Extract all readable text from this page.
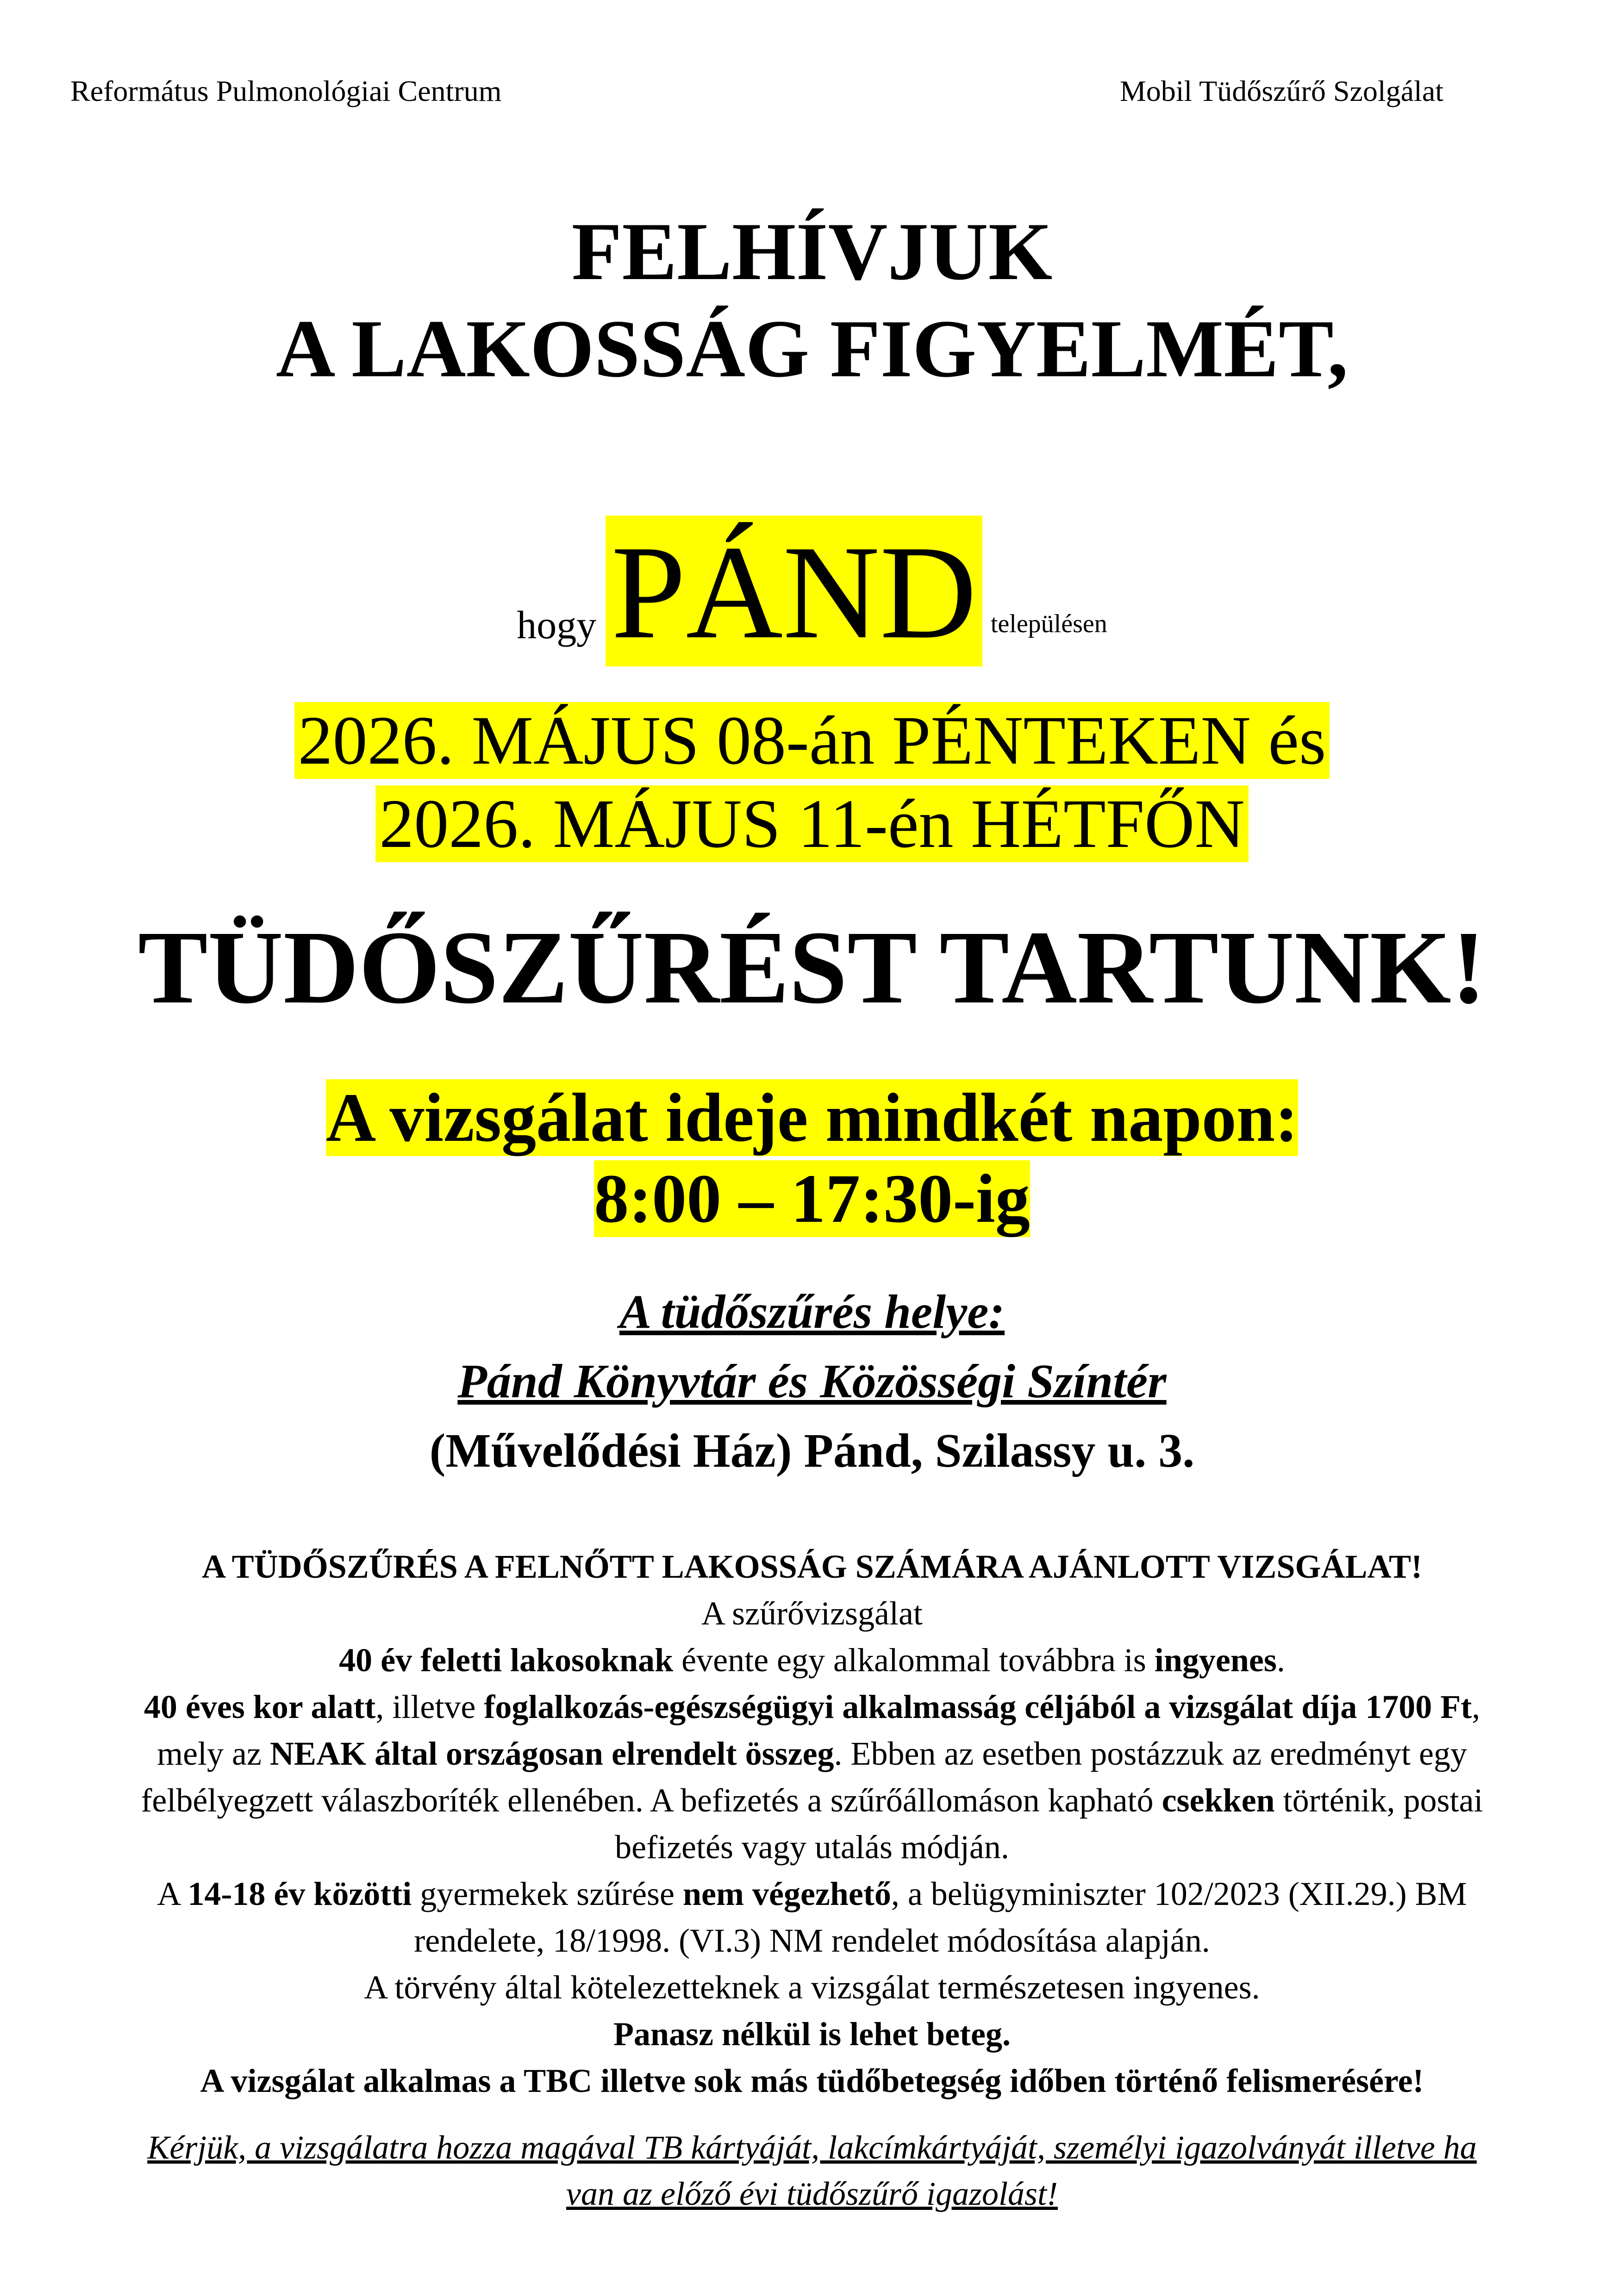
Református Pulmonológiai Centrum	Mobil Tüdőszűrő Szolgálat
FELHÍVJUK
A LAKOSSÁG FIGYELMÉT,
hogy PÁND településen
2026. MÁJUS 08-án PÉNTEKEN és
2026. MÁJUS 11-én HÉTFŐN
TÜDŐSZŰRÉST TARTUNK!
A vizsgálat ideje mindkét napon:
8:00 – 17:30-ig
A tüdőszűrés helye:
Pánd Könyvtár és Közösségi Színtér
(Művelődési Ház) Pánd, Szilassy u. 3.
A TÜDŐSZŰRÉS A FELNŐTT LAKOSSÁG SZÁMÁRA AJÁNLOTT VIZSGÁLAT!

A szűrővizsgálat

40 év feletti lakosoknak évente egy alkalommal továbbra is ingyenes.

40 éves kor alatt, illetve foglalkozás-egészségügyi alkalmasság céljából a vizsgálat díja 1700 Ft,

mely az NEAK által országosan elrendelt összeg. Ebben az esetben postázzuk az eredményt egy

felbélyegzett válaszboríték ellenében. A befizetés a szűrőállomáson kapható csekken történik, postai

befizetés vagy utalás módján.

A 14-18 év közötti gyermekek szűrése nem végezhető, a belügyminiszter 102/2023 (XII.29.) BM

rendelete, 18/1998. (VI.3) NM rendelet módosítása alapján.

A törvény által kötelezetteknek a vizsgálat természetesen ingyenes.

Panasz nélkül is lehet beteg.

A vizsgálat alkalmas a TBC illetve sok más tüdőbetegség időben történő felismerésére!

Kérjük, a vizsgálatra hozza magával TB kártyáját, lakcímkártyáját, személyi igazolványát illetve ha

van az előző évi tüdőszűrő igazolást!
